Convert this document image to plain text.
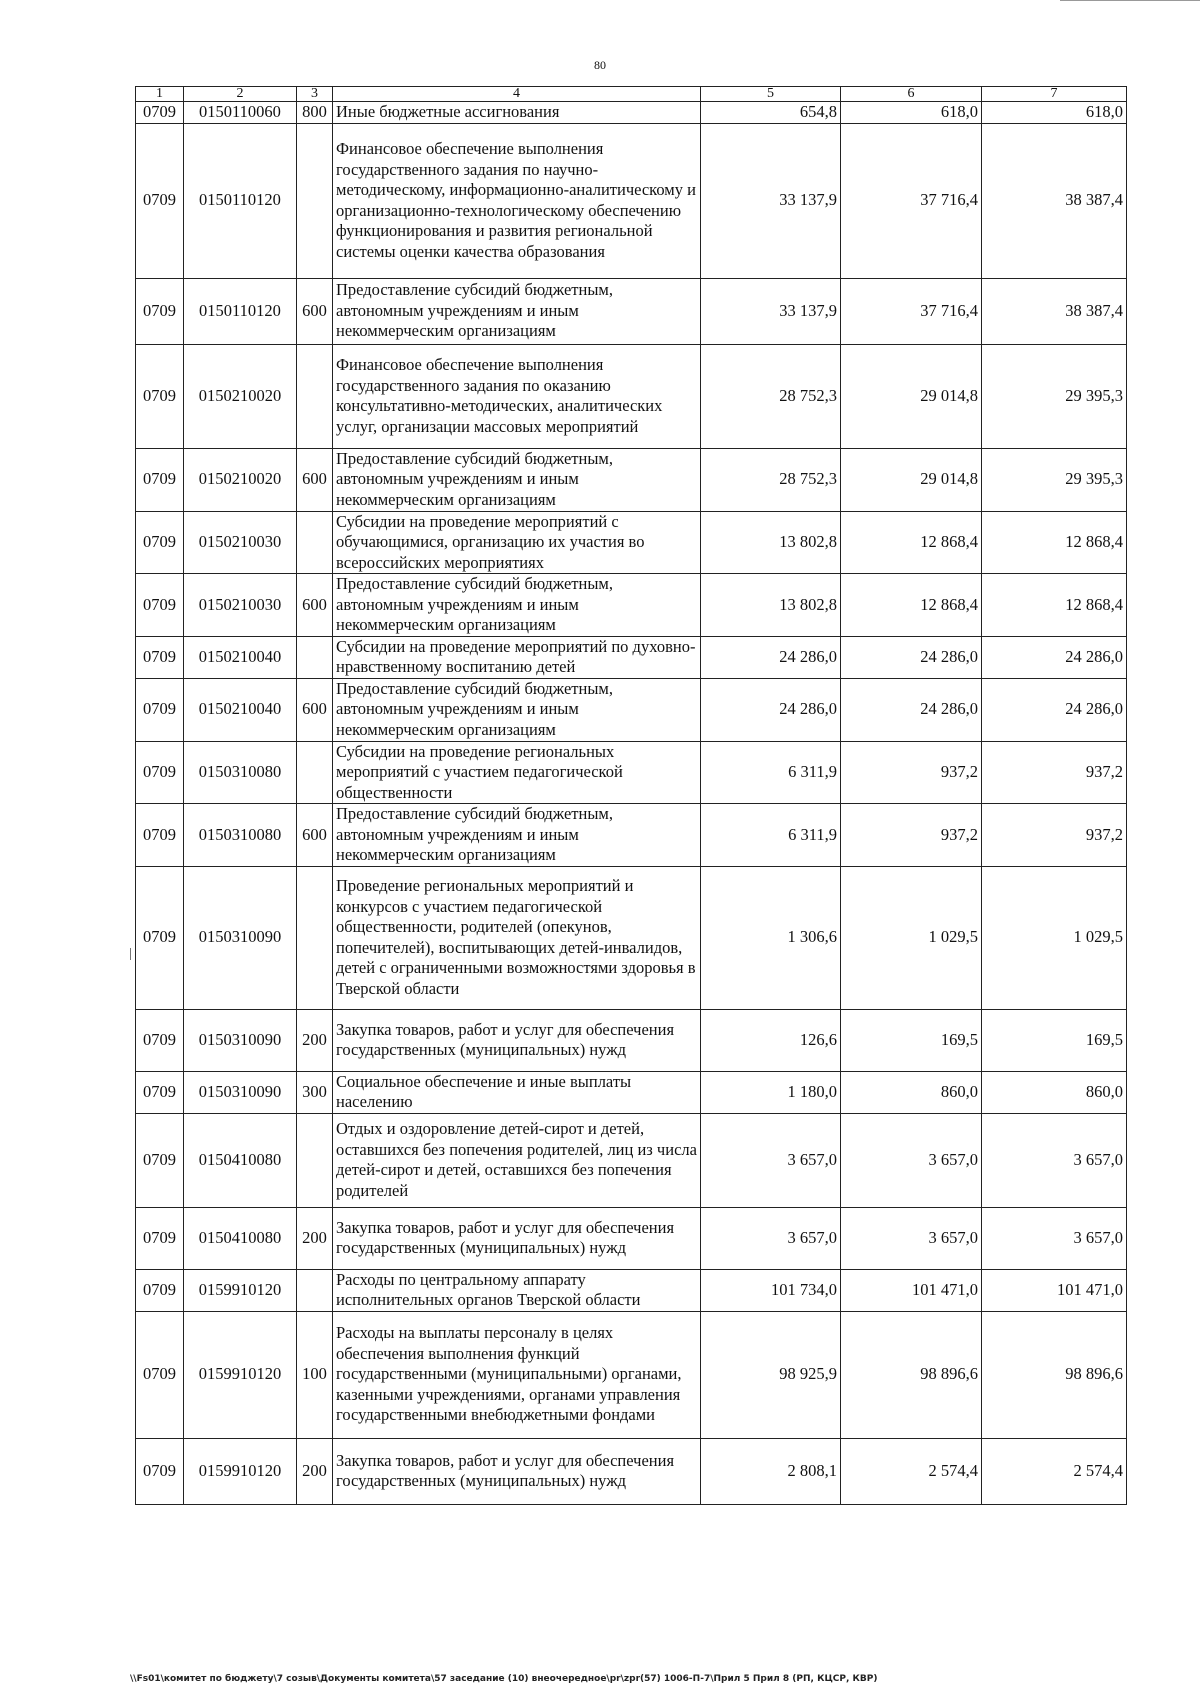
80
1	2	3	4	5	6	7
0709	0150110060	800	Иные бюджетные ассигнования	654,8	618,0	618,0
0709	0150110120		Финансовое обеспечение выполнения государственного задания по научно-методическому, информационно-аналитическому и организационно-технологическому обеспечению функционирования и развития региональной системы оценки качества образования	33 137,9	37 716,4	38 387,4
0709	0150110120	600	Предоставление субсидий бюджетным, автономным учреждениям и иным некоммерческим организациям	33 137,9	37 716,4	38 387,4
0709	0150210020		Финансовое обеспечение выполнения государственного задания по оказанию консультативно-методических, аналитических услуг, организации массовых мероприятий	28 752,3	29 014,8	29 395,3
0709	0150210020	600	Предоставление субсидий бюджетным, автономным учреждениям и иным некоммерческим организациям	28 752,3	29 014,8	29 395,3
0709	0150210030		Субсидии на проведение мероприятий с обучающимися, организацию их участия во всероссийских мероприятиях	13 802,8	12 868,4	12 868,4
0709	0150210030	600	Предоставление субсидий бюджетным, автономным учреждениям и иным некоммерческим организациям	13 802,8	12 868,4	12 868,4
0709	0150210040		Субсидии на проведение мероприятий по духовно-нравственному воспитанию детей	24 286,0	24 286,0	24 286,0
0709	0150210040	600	Предоставление субсидий бюджетным, автономным учреждениям и иным некоммерческим организациям	24 286,0	24 286,0	24 286,0
0709	0150310080		Субсидии на проведение региональных мероприятий с участием педагогической общественности	6 311,9	937,2	937,2
0709	0150310080	600	Предоставление субсидий бюджетным, автономным учреждениям и иным некоммерческим организациям	6 311,9	937,2	937,2
0709	0150310090		Проведение региональных мероприятий и конкурсов с участием педагогической общественности, родителей (опекунов, попечителей), воспитывающих детей-инвалидов, детей с ограниченными возможностями здоровья в Тверской области	1 306,6	1 029,5	1 029,5
0709	0150310090	200	Закупка товаров, работ и услуг для обеспечения государственных (муниципальных) нужд	126,6	169,5	169,5
0709	0150310090	300	Социальное обеспечение и иные выплаты населению	1 180,0	860,0	860,0
0709	0150410080		Отдых и оздоровление детей-сирот и детей, оставшихся без попечения родителей, лиц из числа детей-сирот и детей, оставшихся без попечения родителей	3 657,0	3 657,0	3 657,0
0709	0150410080	200	Закупка товаров, работ и услуг для обеспечения государственных (муниципальных) нужд	3 657,0	3 657,0	3 657,0
0709	0159910120		Расходы по центральному аппарату исполнительных органов Тверской области	101 734,0	101 471,0	101 471,0
0709	0159910120	100	Расходы на выплаты персоналу в целях обеспечения выполнения функций государственными (муниципальными) органами, казенными учреждениями, органами управления государственными внебюджетными фондами	98 925,9	98 896,6	98 896,6
0709	0159910120	200	Закупка товаров, работ и услуг для обеспечения государственных (муниципальных) нужд	2 808,1	2 574,4	2 574,4
\\Fs01\комитет по бюджету\7 созыв\Документы комитета\57 заседание (10) внеочередное\pr\zpr(57) 1006-П-7\Прил 5 Прил 8 (РП, КЦСР, КВР)
